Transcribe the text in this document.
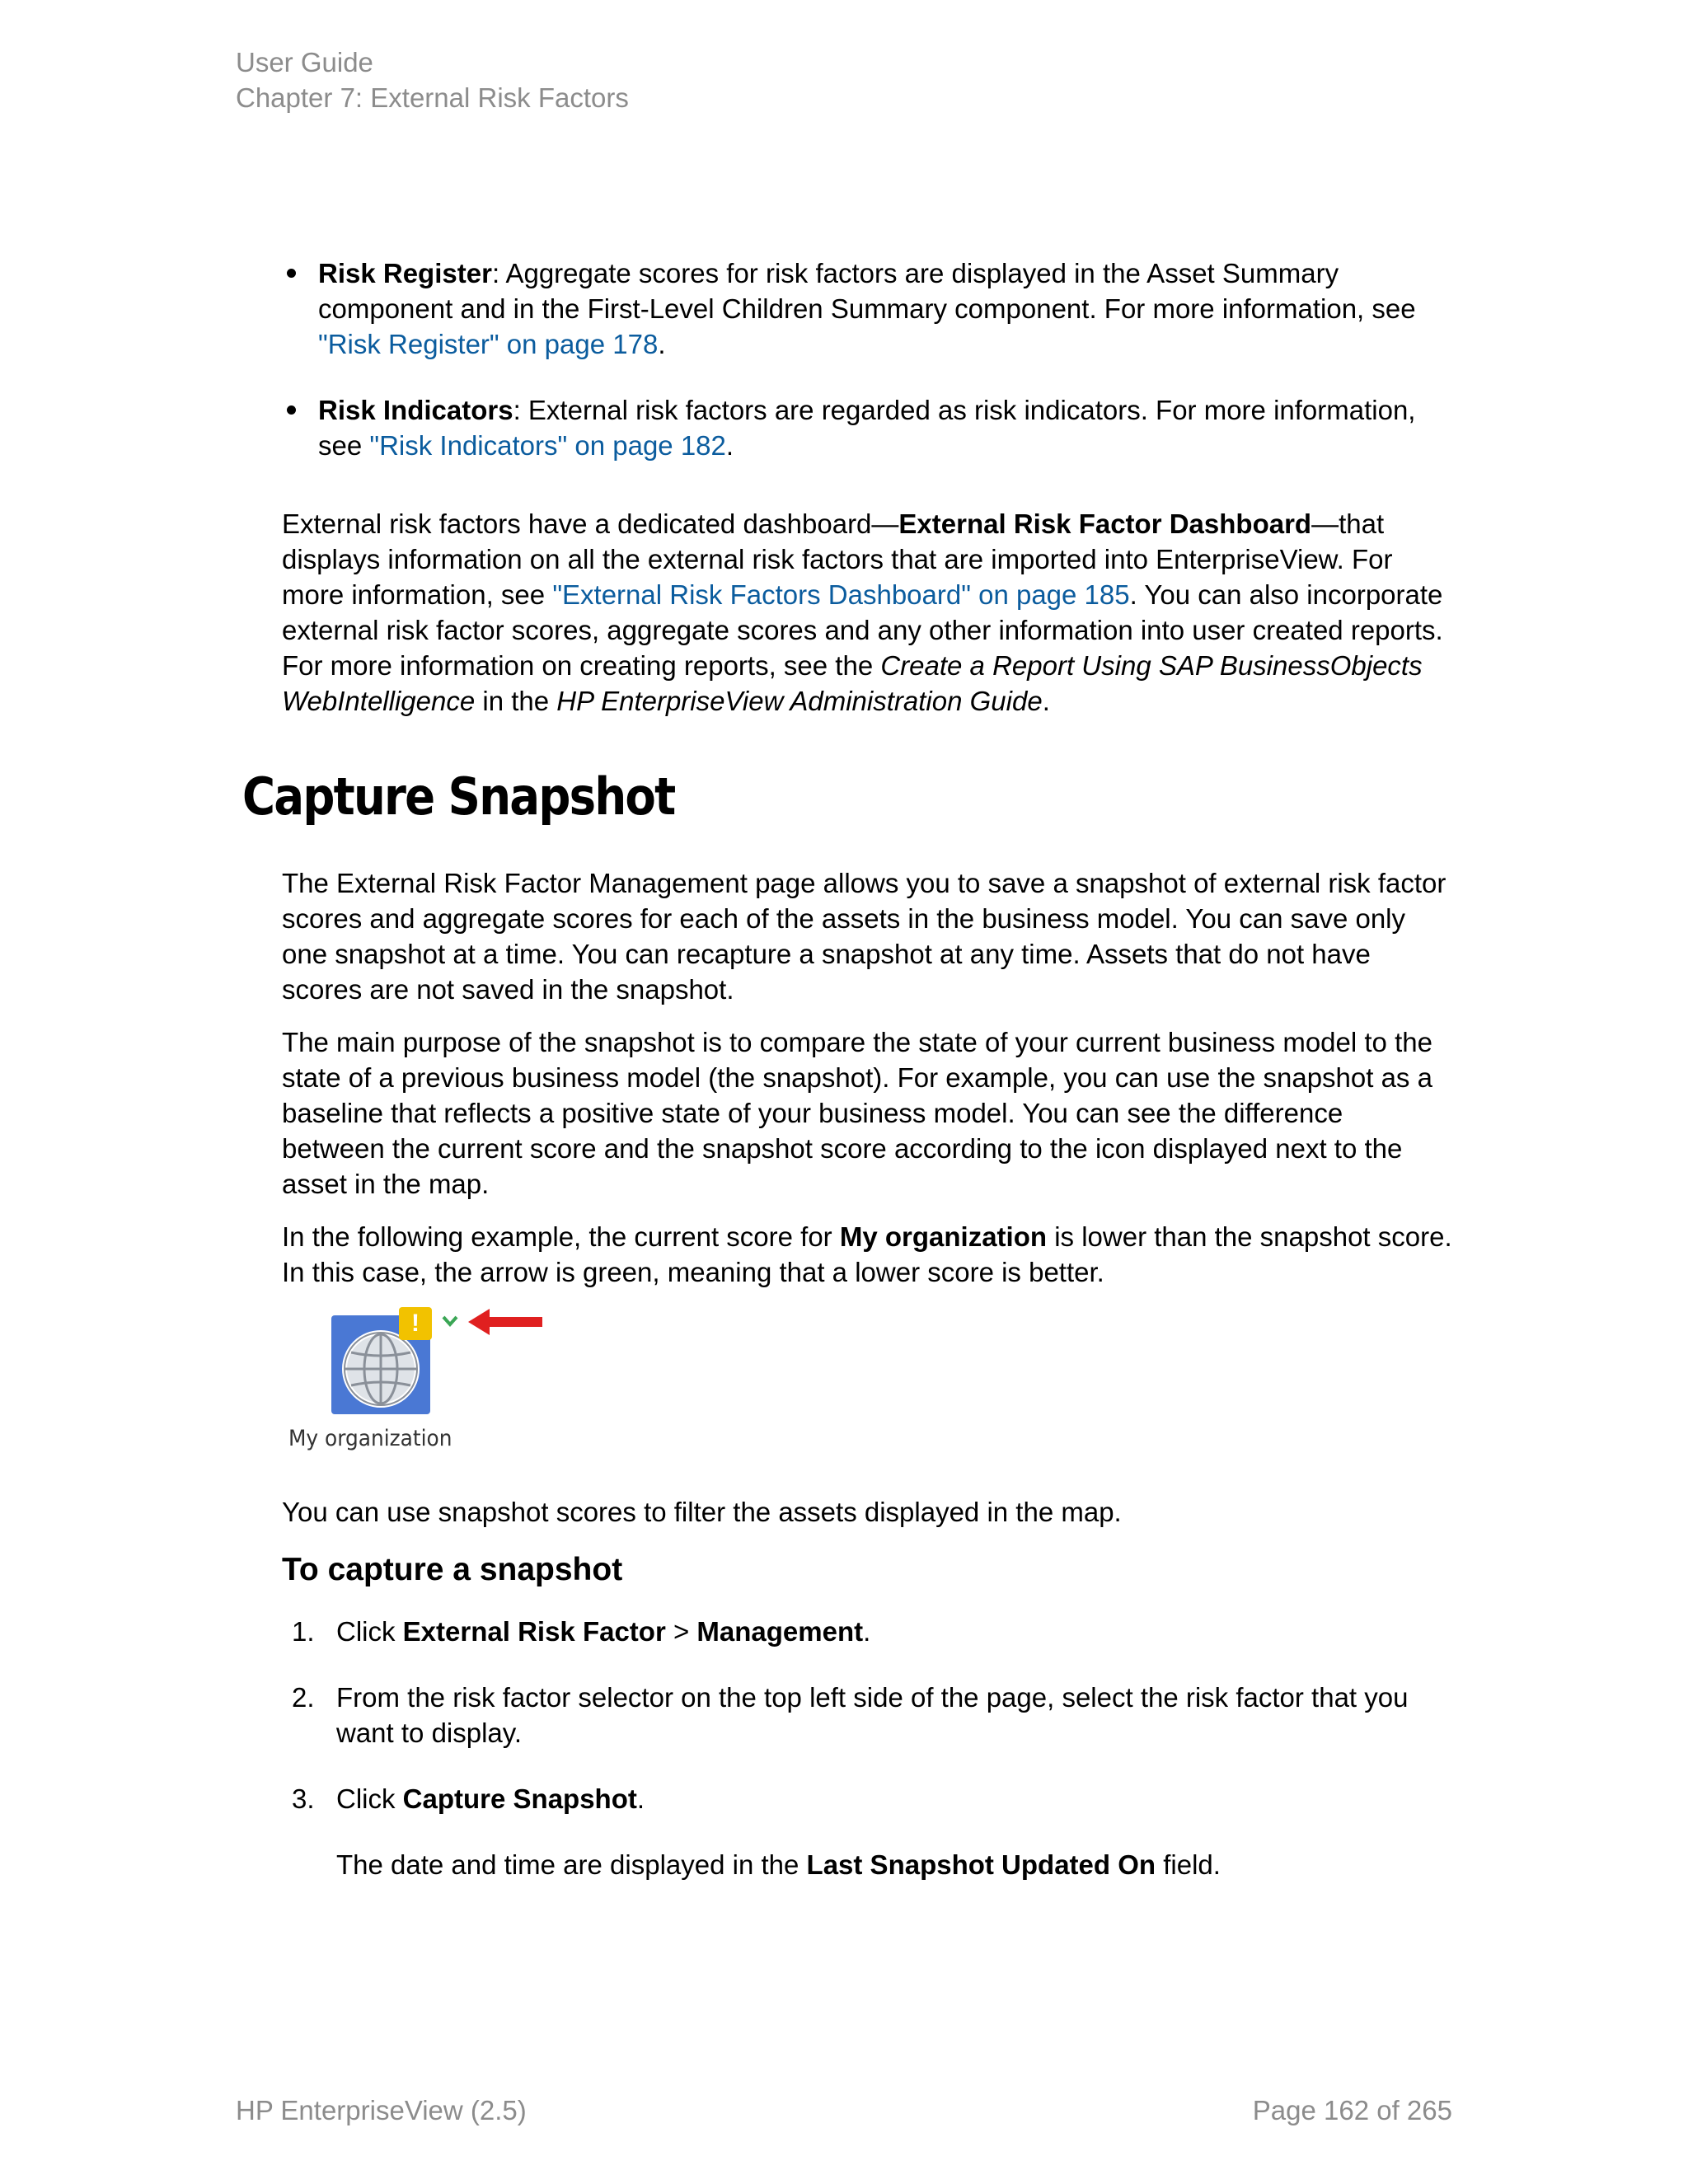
User Guide
Chapter 7: External Risk Factors
Risk Register: Aggregate scores for risk factors are displayed in the Asset Summary component and in the First-Level Children Summary component. For more information, see "Risk Register" on page 178.
Risk Indicators: External risk factors are regarded as risk indicators. For more information, see "Risk Indicators" on page 182.

External risk factors have a dedicated dashboard—External Risk Factor Dashboard—that displays information on all the external risk factors that are imported into EnterpriseView. For more information, see "External Risk Factors Dashboard" on page 185. You can also incorporate external risk factor scores, aggregate scores and any other information into user created reports. For more information on creating reports, see the Create a Report Using SAP BusinessObjects WebIntelligence in the HP EnterpriseView Administration Guide.

Capture Snapshot

The External Risk Factor Management page allows you to save a snapshot of external risk factor scores and aggregate scores for each of the assets in the business model. You can save only one snapshot at a time. You can recapture a snapshot at any time. Assets that do not have scores are not saved in the snapshot.

The main purpose of the snapshot is to compare the state of your current business model to the state of a previous business model (the snapshot). For example, you can use the snapshot as a baseline that reflects a positive state of your business model. You can see the difference between the current score and the snapshot score according to the icon displayed next to the asset in the map.

In the following example, the current score for My organization is lower than the snapshot score. In this case, the arrow is green, meaning that a lower score is better.

!
My organization

You can use snapshot scores to filter the assets displayed in the map.

To capture a snapshot
1. Click External Risk Factor > Management.
2. From the risk factor selector on the top left side of the page, select the risk factor that you want to display.
3. Click Capture Snapshot.
The date and time are displayed in the Last Snapshot Updated On field.
HP EnterpriseView (2.5)	Page 162 of 265
